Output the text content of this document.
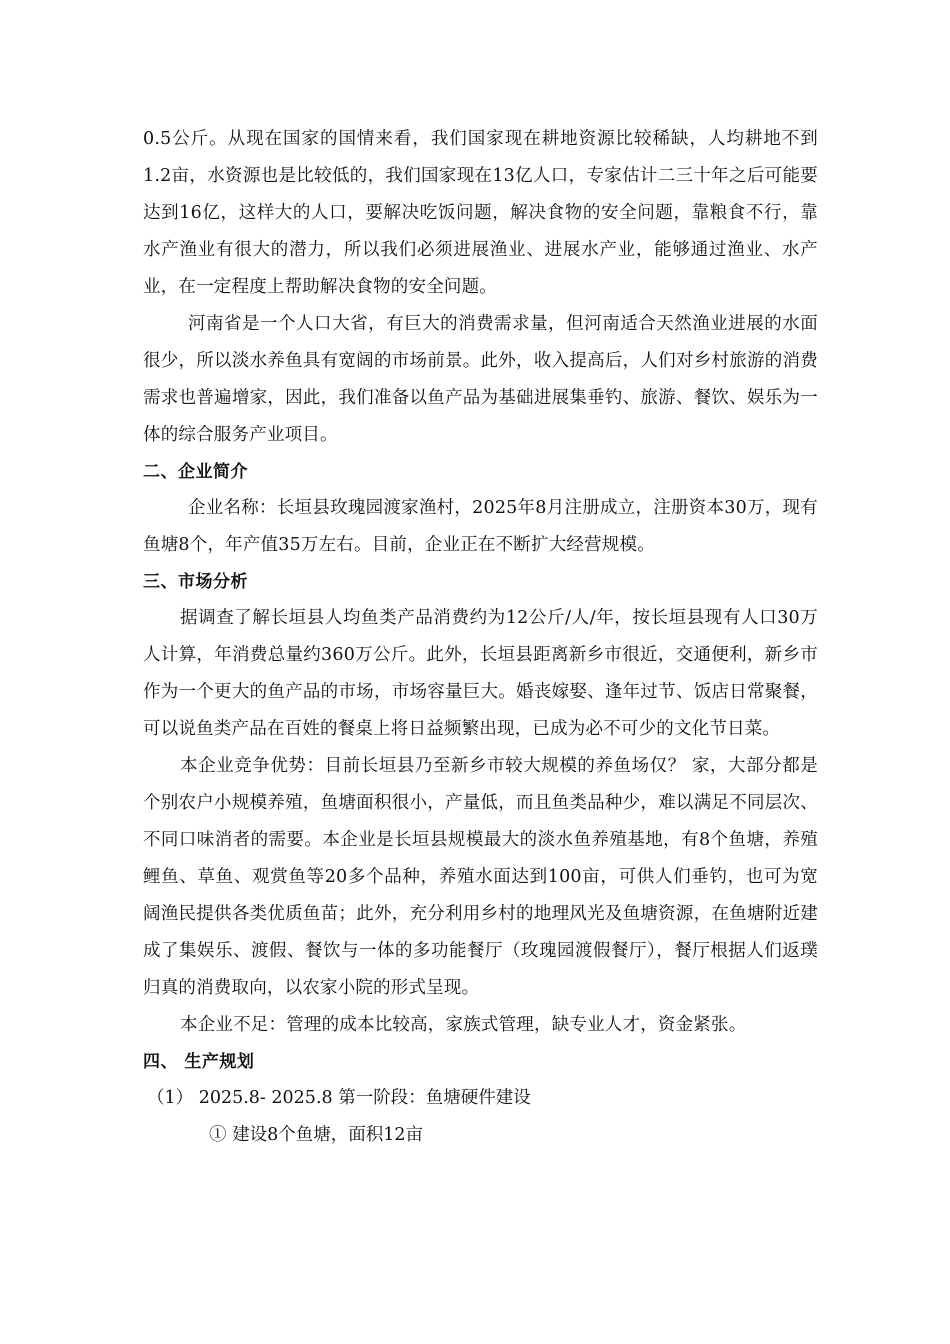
0.5公斤。从现在国家的国情来看，我们国家现在耕地资源比较稀缺，人均耕地不到1.2亩，水资源也是比较低的，我们国家现在13亿人口，专家估计二三十年之后可能要达到16亿，这样大的人口，要解决吃饭问题，解决食物的安全问题，靠粮食不行，靠水产渔业有很大的潜力，所以我们必须进展渔业、进展水产业，能够通过渔业、水产业，在一定程度上帮助解决食物的安全问题。

河南省是一个人口大省，有巨大的消费需求量，但河南适合天然渔业进展的水面很少，所以淡水养鱼具有宽阔的市场前景。此外，收入提高后，人们对乡村旅游的消费需求也普遍增家，因此，我们准备以鱼产品为基础进展集垂钓、旅游、餐饮、娱乐为一体的综合服务产业项目。

二、企业简介

企业名称：长垣县玫瑰园渡家渔村，2025年8月注册成立，注册资本30万，现有鱼塘8个，年产值35万左右。目前，企业正在不断扩大经营规模。

三、市场分析

据调查了解长垣县人均鱼类产品消费约为12公斤/人/年，按长垣县现有人口30万人计算，年消费总量约360万公斤。此外，长垣县距离新乡市很近，交通便利，新乡市作为一个更大的鱼产品的市场，市场容量巨大。婚丧嫁娶、逢年过节、饭店日常聚餐，可以说鱼类产品在百姓的餐桌上将日益频繁出现，已成为必不可少的文化节日菜。

本企业竞争优势：目前长垣县乃至新乡市较大规模的养鱼场仅？ 家，大部分都是个别农户小规模养殖，鱼塘面积很小，产量低，而且鱼类品种少，难以满足不同层次、不同口味消者的需要。本企业是长垣县规模最大的淡水鱼养殖基地，有8个鱼塘，养殖鲤鱼、草鱼、观赏鱼等20多个品种，养殖水面达到100亩，可供人们垂钓，也可为宽阔渔民提供各类优质鱼苗；此外，充分利用乡村的地理风光及鱼塘资源，在鱼塘附近建成了集娱乐、渡假、餐饮与一体的多功能餐厅（玫瑰园渡假餐厅），餐厅根据人们返璞归真的消费取向，以农家小院的形式呈现。

本企业不足：管理的成本比较高，家族式管理，缺专业人才，资金紧张。

四、 生产规划

（1） 2025.8- 2025.8 第一阶段：鱼塘硬件建设

① 建设8个鱼塘，面积12亩
